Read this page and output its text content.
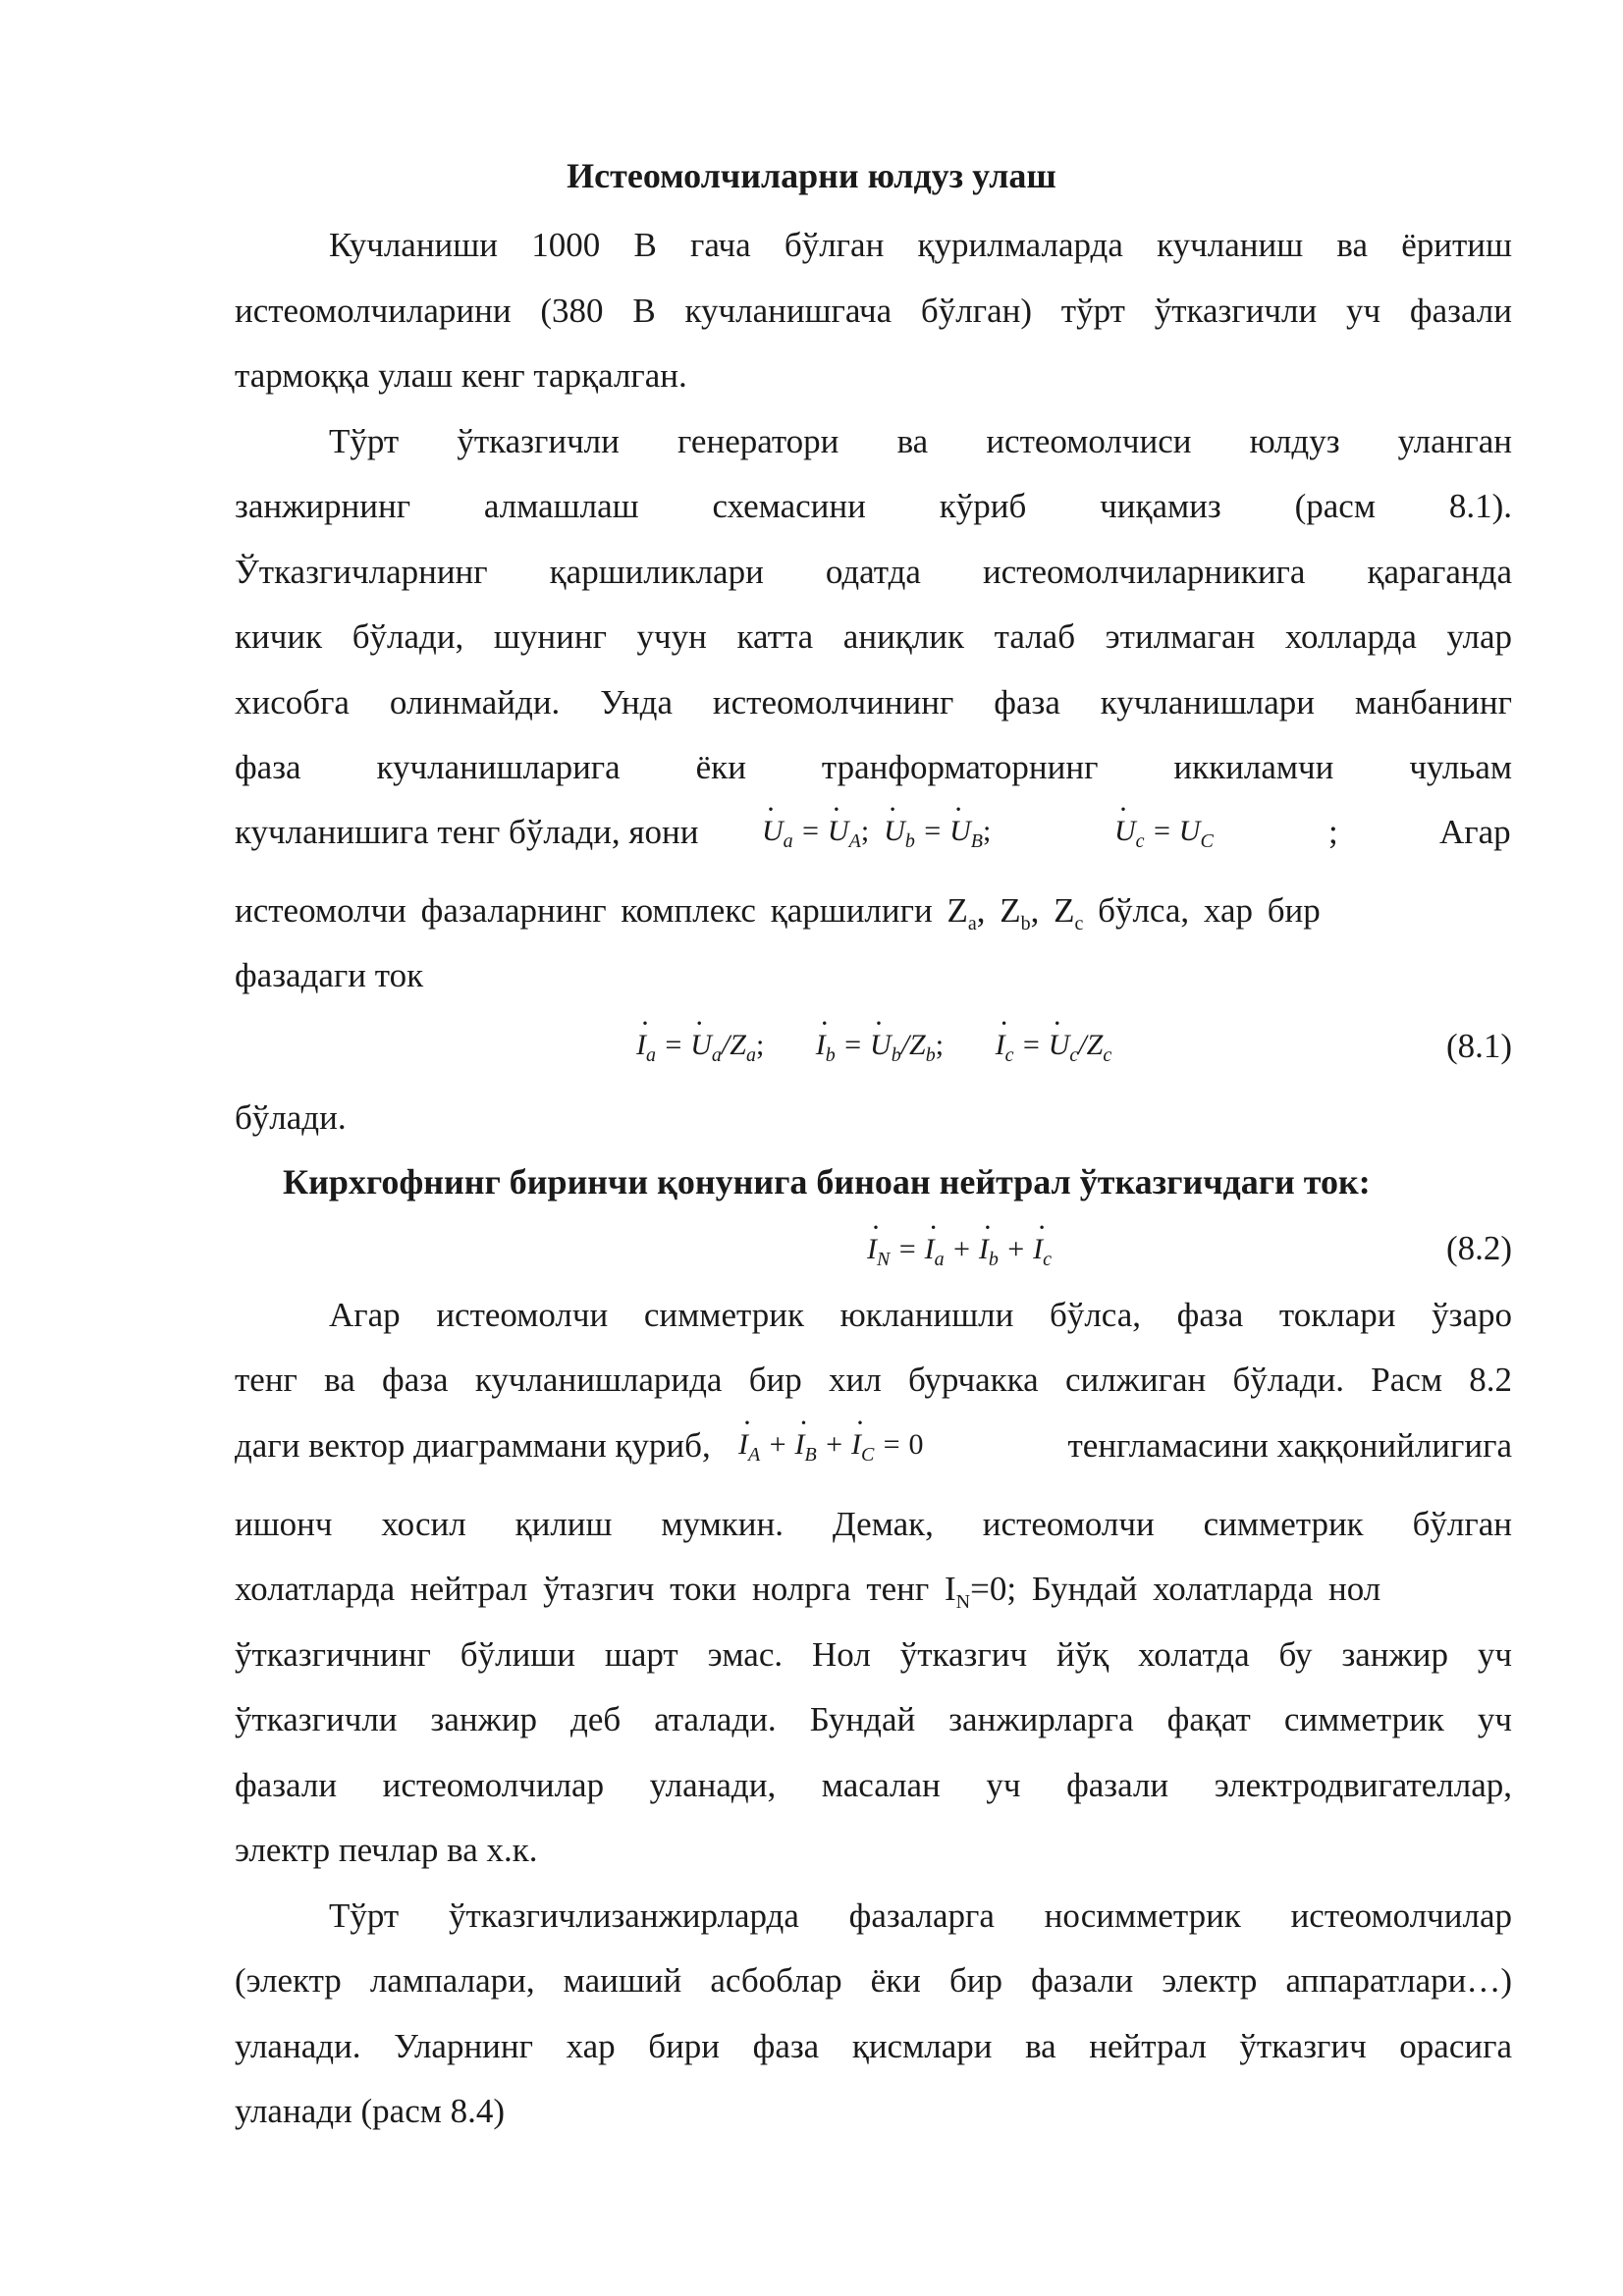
Истеомолчиларни юлдуз улаш
Кучланиши 1000 В гача бўлган қурилмаларда кучланиш ва ёритиш
истеомолчиларини (380 В кучланишгача бўлган) тўрт ўтказгичли уч фазали
тармоққа улаш кенг тарқалган.
Тўрт ўтказгичли генератори ва истеомолчиси юлдуз уланган
занжирнинг алмашлаш схемасини кўриб чиқамиз (расм 8.1).
Ўтказгичларнинг қаршиликлари одатда истеомолчиларникига қараганда
кичик бўлади, шунинг учун катта аниқлик талаб этилмаган холларда улар
хисобга олинмайди. Унда истеомолчининг фаза кучланишлари манбанинг
фаза кучланишларига ёки транформаторнинг иккиламчи чульам
кучланишига тенг бўлади, яони	· $U_a$ = · $U_A$; · $U_b$ = · $U_B$;	· $U_c = U_C$	;	Агар
истеомолчи фазаларнинг комплекс қаршилиги $Z_a$, $Z_b$, $Z_c$ бўлса, хар бир
фазадаги ток
· $I_a$ = · $U_a/Z_a$; · $I_b$ = · $U_b/Z_b$; · $I_c$ = · $U_c/Z_c$	(8.1)
бўлади.
Кирхгофнинг биринчи қонунига биноан нейтрал ўтказгичдаги ток:
· $I_N$ = · $I_a$ + · $I_b$ + · $I_c$	(8.2)
Агар истеомолчи симметрик юкланишли бўлса, фаза токлари ўзаро
тенг ва фаза кучланишларида бир хил бурчакка силжиган бўлади. Расм 8.2
даги вектор диаграммани қуриб, · $I_A$ + · $I_B$ + · $I_C = 0$	тенгламасини хаққонийлигига
ишонч хосил қилиш мумкин. Демак, истеомолчи симметрик бўлган
холатларда нейтрал ўтазгич токи нолрга тенг $I_N=0$; Бундай холатларда нол
ўтказгичнинг бўлиши шарт эмас. Нол ўтказгич йўқ холатда бу занжир уч
ўтказгичли занжир деб аталади. Бундай занжирларга фақат симметрик уч
фазали истеомолчилар уланади, масалан уч фазали электродвигателлар,
электр печлар ва х.к.
Тўрт ўтказгичлизанжирларда фазаларга носимметрик истеомолчилар
(электр лампалари, маиший асбоблар ёки бир фазали электр аппаратлари…)
уланади. Уларнинг хар бири фаза қисмлари ва нейтрал ўтказгич орасига
уланади (расм 8.4)
